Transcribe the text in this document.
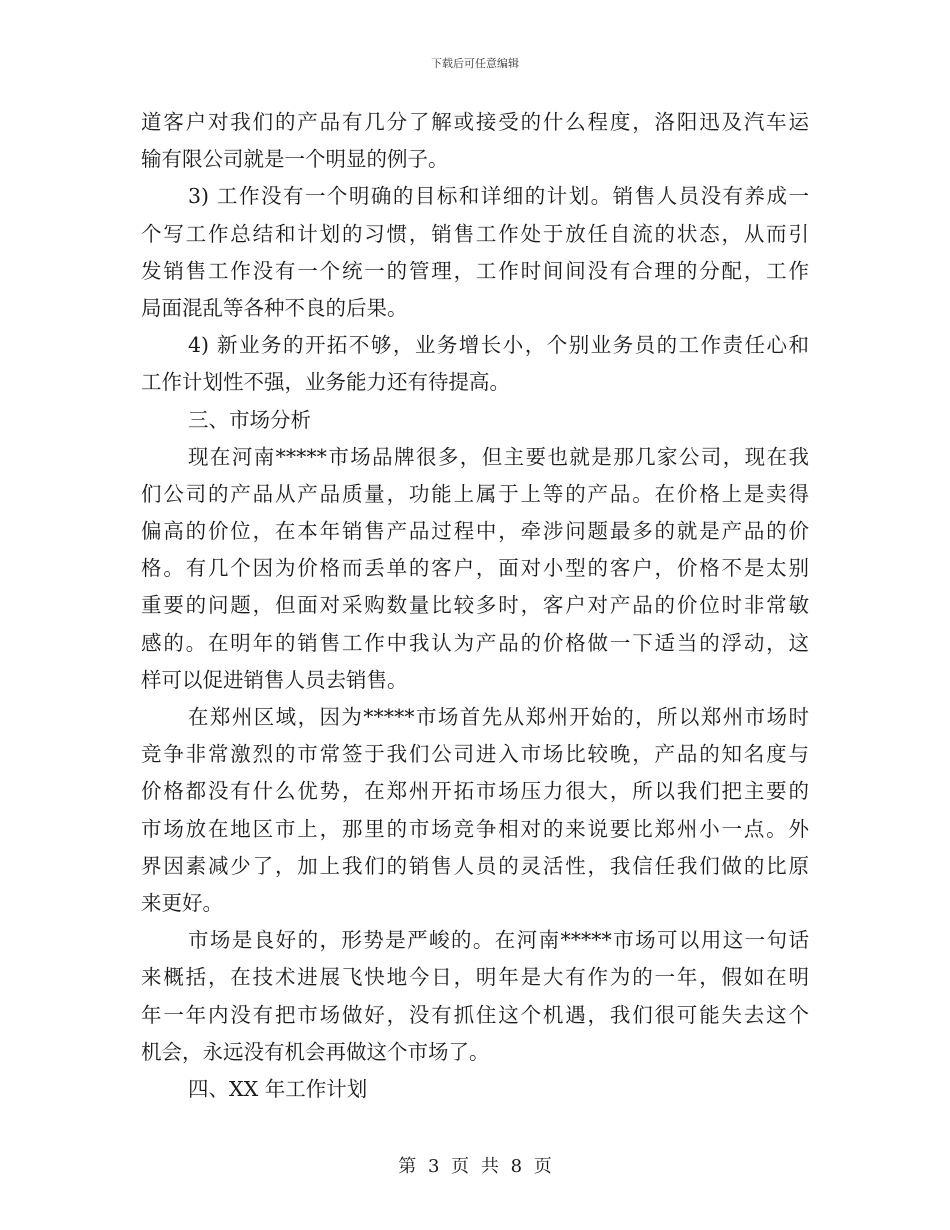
下载后可任意编辑
道客户对我们的产品有几分了解或接受的什么程度，洛阳迅及汽车运
输有限公司就是一个明显的例子。
3) 工作没有一个明确的目标和详细的计划。销售人员没有养成一
个写工作总结和计划的习惯，销售工作处于放任自流的状态，从而引
发销售工作没有一个统一的管理，工作时间间没有合理的分配，工作
局面混乱等各种不良的后果。
4) 新业务的开拓不够，业务增长小，个别业务员的工作责任心和
工作计划性不强，业务能力还有待提高。
三、市场分析
现在河南*****市场品牌很多，但主要也就是那几家公司，现在我
们公司的产品从产品质量，功能上属于上等的产品。在价格上是卖得
偏高的价位，在本年销售产品过程中，牵涉问题最多的就是产品的价
格。有几个因为价格而丢单的客户，面对小型的客户，价格不是太别
重要的问题，但面对采购数量比较多时，客户对产品的价位时非常敏
感的。在明年的销售工作中我认为产品的价格做一下适当的浮动，这
样可以促进销售人员去销售。
在郑州区域，因为*****市场首先从郑州开始的，所以郑州市场时
竞争非常激烈的市常签于我们公司进入市场比较晚，产品的知名度与
价格都没有什么优势，在郑州开拓市场压力很大，所以我们把主要的
市场放在地区市上，那里的市场竞争相对的来说要比郑州小一点。外
界因素减少了，加上我们的销售人员的灵活性，我信任我们做的比原
来更好。
市场是良好的，形势是严峻的。在河南*****市场可以用这一句话
来概括，在技术进展飞快地今日，明年是大有作为的一年，假如在明
年一年内没有把市场做好，没有抓住这个机遇，我们很可能失去这个
机会，永远没有机会再做这个市场了。
四、XX 年工作计划
第 3 页 共 8 页
